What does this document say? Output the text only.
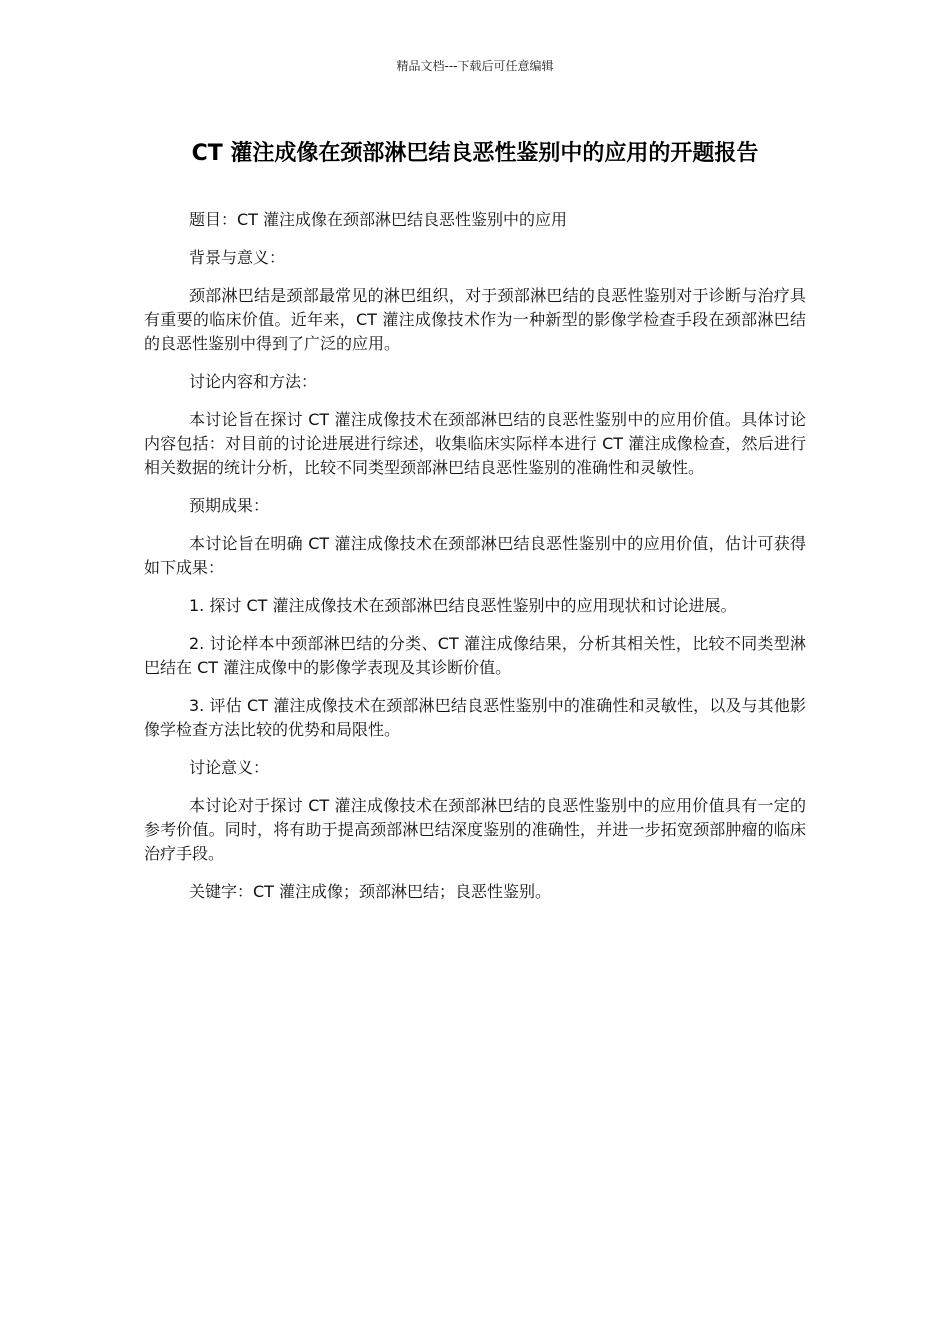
精品文档---下载后可任意编辑
CT 灌注成像在颈部淋巴结良恶性鉴别中的应用的开题报告

题目：CT 灌注成像在颈部淋巴结良恶性鉴别中的应用

背景与意义：

颈部淋巴结是颈部最常见的淋巴组织，对于颈部淋巴结的良恶性鉴别对于诊断与治疗具有重要的临床价值。近年来，CT 灌注成像技术作为一种新型的影像学检查手段在颈部淋巴结的良恶性鉴别中得到了广泛的应用。

讨论内容和方法：

本讨论旨在探讨 CT 灌注成像技术在颈部淋巴结的良恶性鉴别中的应用价值。具体讨论内容包括：对目前的讨论进展进行综述，收集临床实际样本进行 CT 灌注成像检查，然后进行相关数据的统计分析，比较不同类型颈部淋巴结良恶性鉴别的准确性和灵敏性。

预期成果：

本讨论旨在明确 CT 灌注成像技术在颈部淋巴结良恶性鉴别中的应用价值，估计可获得如下成果：

1. 探讨 CT 灌注成像技术在颈部淋巴结良恶性鉴别中的应用现状和讨论进展。

2. 讨论样本中颈部淋巴结的分类、CT 灌注成像结果，分析其相关性，比较不同类型淋巴结在 CT 灌注成像中的影像学表现及其诊断价值。

3. 评估 CT 灌注成像技术在颈部淋巴结良恶性鉴别中的准确性和灵敏性，以及与其他影像学检查方法比较的优势和局限性。

讨论意义：

本讨论对于探讨 CT 灌注成像技术在颈部淋巴结的良恶性鉴别中的应用价值具有一定的参考价值。同时，将有助于提高颈部淋巴结深度鉴别的准确性，并进一步拓宽颈部肿瘤的临床治疗手段。

关键字：CT 灌注成像；颈部淋巴结；良恶性鉴别。
